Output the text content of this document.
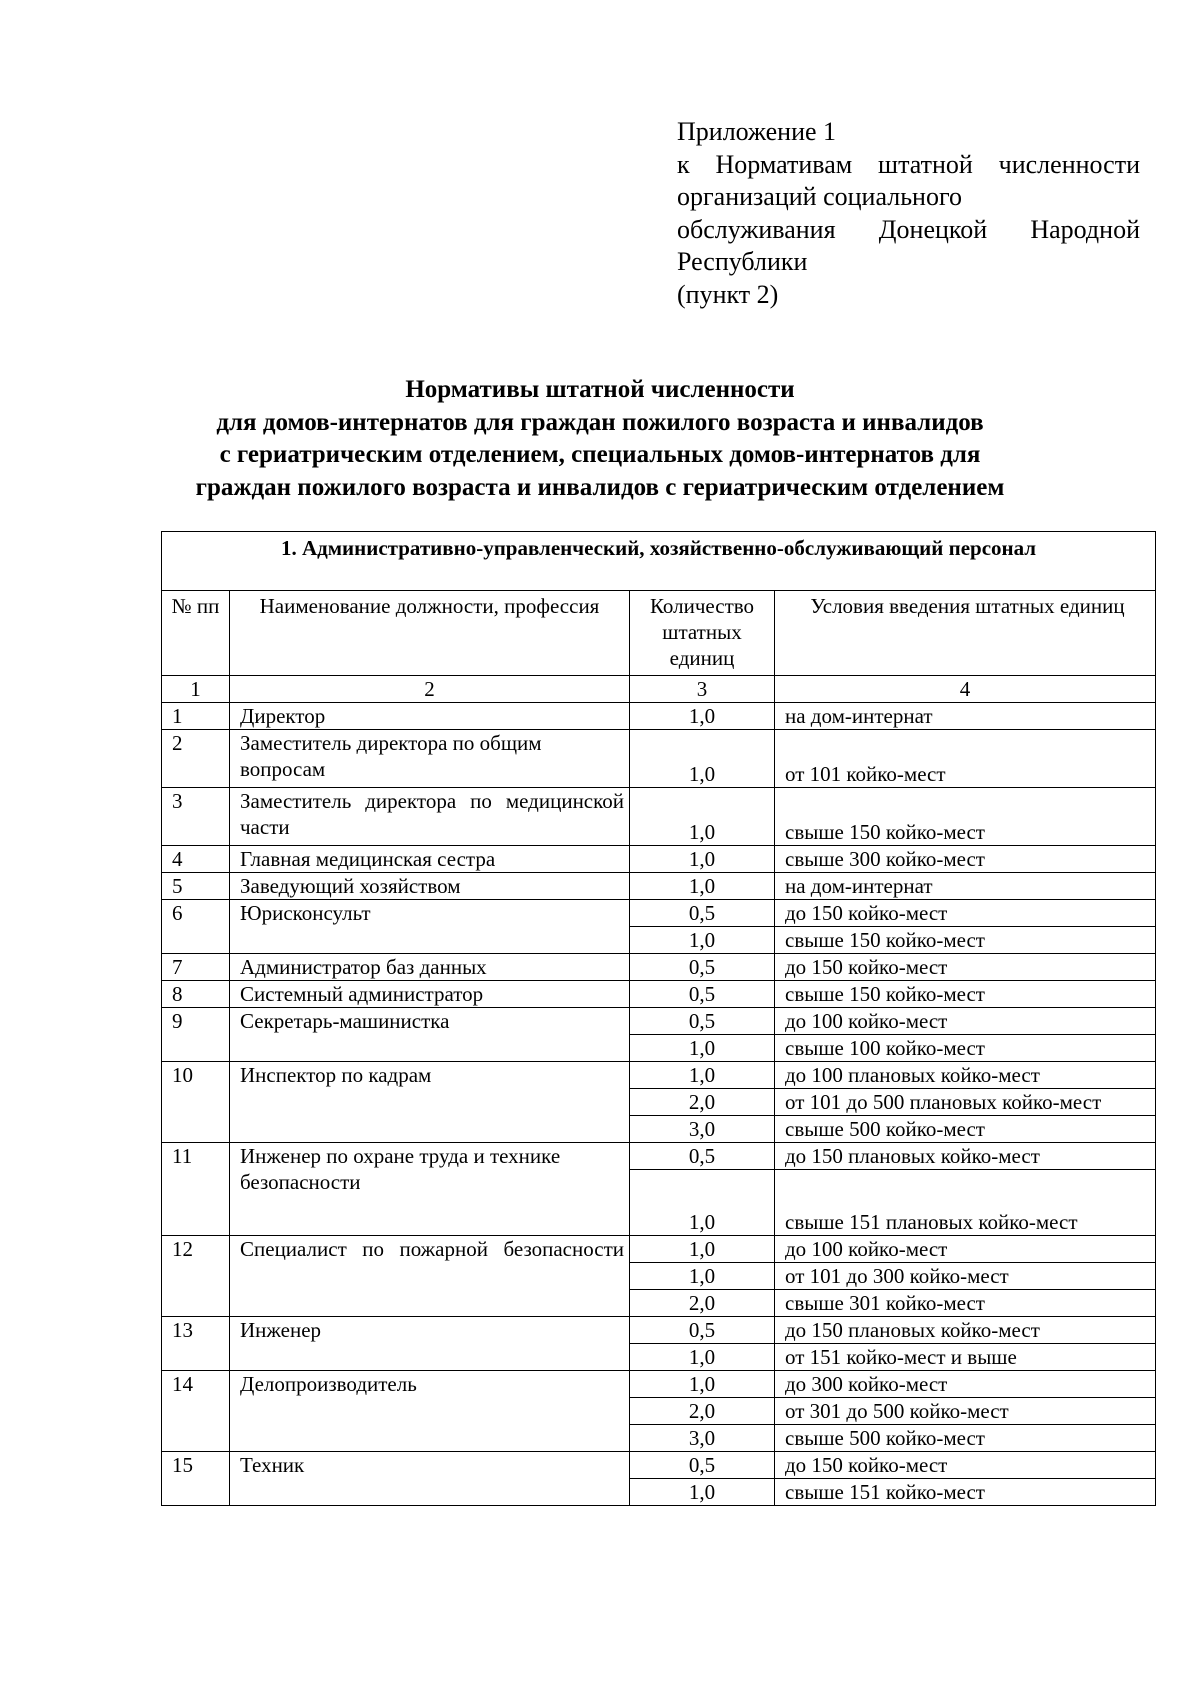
Приложение 1
к Нормативам штатной численности
организаций социального
обслуживания Донецкой Народной
Республики
(пункт 2)
Нормативы штатной численности
для домов-интернатов для граждан пожилого возраста и инвалидов
с гериатрическим отделением, специальных домов-интернатов для
граждан пожилого возраста и инвалидов с гериатрическим отделением
1. Административно-управленческий, хозяйственно-обслуживающий персонал			
№ пп	Наименование должности, профессия	Количество штатных единиц	Условия введения штатных единиц
1	2	3	4
1	Директор	1,0	на дом-интернат
2	Заместитель директора по общим вопросам	1,0	от 101 койко-мест
3	Заместитель директора по медицинской части	1,0	свыше 150 койко-мест
4	Главная медицинская сестра	1,0	свыше 300 койко-мест
5	Заведующий хозяйством	1,0	на дом-интернат
6	Юрисконсульт	0,5	до 150 койко-мест
		1,0	свыше 150 койко-мест
7	Администратор баз данных	0,5	до 150 койко-мест
8	Системный администратор	0,5	свыше 150 койко-мест
9	Секретарь-машинистка	0,5	до 100 койко-мест
		1,0	свыше 100 койко-мест
10	Инспектор по кадрам	1,0	до 100 плановых койко-мест
		2,0	от 101 до 500 плановых койко-мест
		3,0	свыше 500 койко-мест
11	Инженер по охране труда и технике безопасности	0,5	до 150 плановых койко-мест
		1,0	свыше 151 плановых койко-мест
12	Специалист по пожарной безопасности	1,0	до 100 койко-мест
		1,0	от 101 до 300 койко-мест
		2,0	свыше 301 койко-мест
13	Инженер	0,5	до 150 плановых койко-мест
		1,0	от 151 койко-мест и выше
14	Делопроизводитель	1,0	до 300 койко-мест
		2,0	от 301 до 500 койко-мест
		3,0	свыше 500 койко-мест
15	Техник	0,5	до 150 койко-мест
		1,0	свыше 151 койко-мест
